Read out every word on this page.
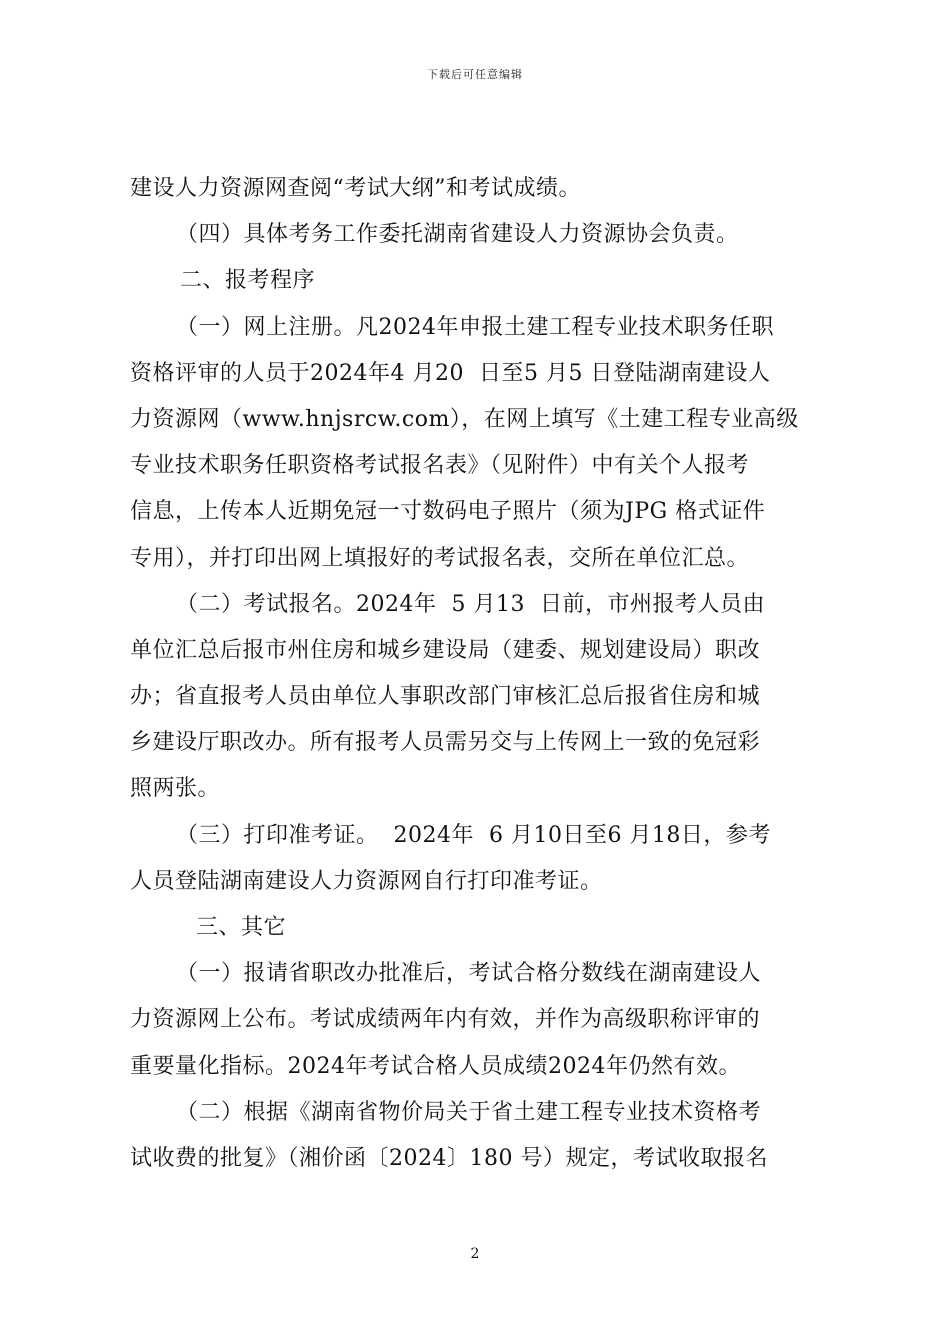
下载后可任意编辑
建设人力资源网查阅“考试大纲”和考试成绩。
（四）具体考务工作委托湖南省建设人力资源协会负责。
二、报考程序
（一）网上注册。凡2024年申报土建工程专业技术职务任职
资格评审的人员于2024年4 月20  日至5 月5 日登陆湖南建设人
力资源网（www.hnjsrcw.com），在网上填写《土建工程专业高级
专业技术职务任职资格考试报名表》（见附件）中有关个人报考
信息，上传本人近期免冠一寸数码电子照片（须为JPG 格式证件
专用），并打印出网上填报好的考试报名表，交所在单位汇总。
（二）考试报名。2024年  5 月13  日前，市州报考人员由
单位汇总后报市州住房和城乡建设局（建委、规划建设局）职改
办；省直报考人员由单位人事职改部门审核汇总后报省住房和城
乡建设厅职改办。所有报考人员需另交与上传网上一致的免冠彩
照两张。
（三）打印准考证。  2024年  6 月10日至6 月18日，参考
人员登陆湖南建设人力资源网自行打印准考证。
三、其它
（一）报请省职改办批准后，考试合格分数线在湖南建设人
力资源网上公布。考试成绩两年内有效，并作为高级职称评审的
重要量化指标。2024年考试合格人员成绩2024年仍然有效。
（二）根据《湖南省物价局关于省土建工程专业技术资格考
试收费的批复》（湘价函〔2024〕180 号）规定，考试收取报名
2
